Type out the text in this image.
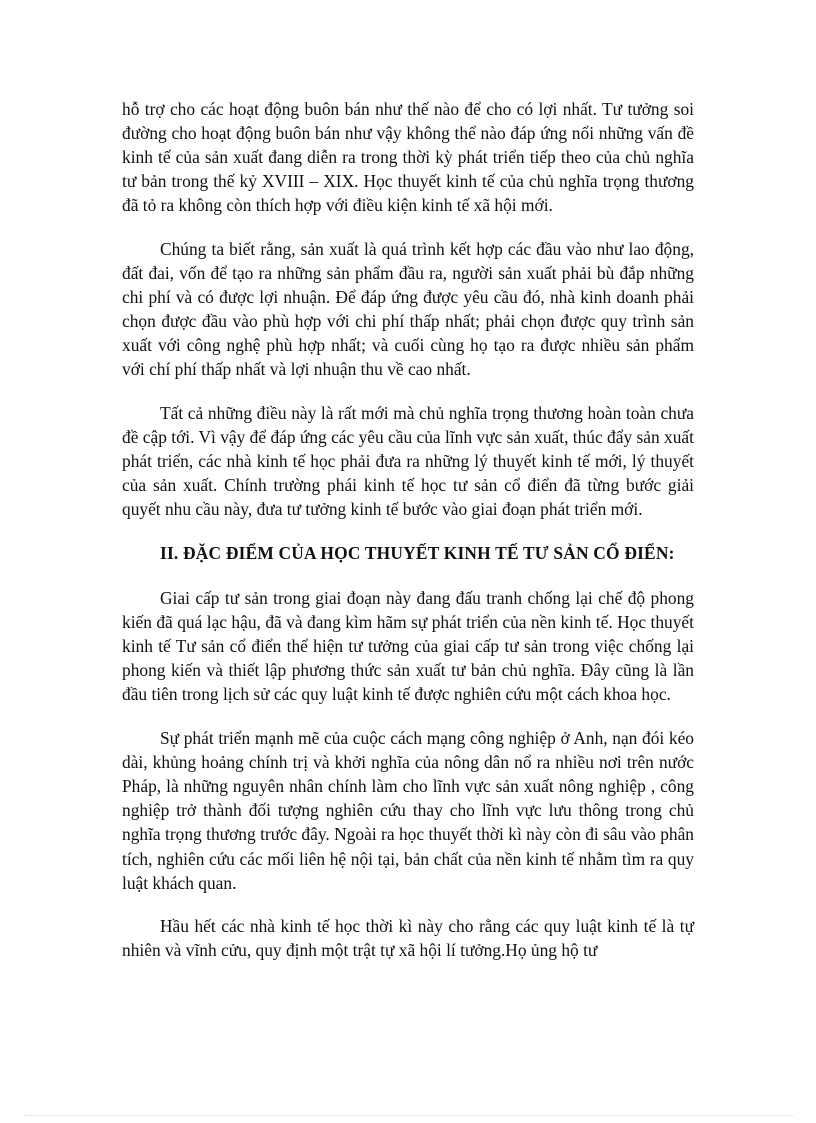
hỗ trợ cho các hoạt động buôn bán như thế nào để cho có lợi nhất. Tư tưởng soi đường cho hoạt động buôn bán như vậy không thể nào đáp ứng nổi những vấn đề kinh tế của sản xuất đang diễn ra trong thời kỳ phát triển tiếp theo của chủ nghĩa tư bản trong thế kỷ XVIII – XIX. Học thuyết kinh tế của chủ nghĩa trọng thương đã tỏ ra không còn thích hợp với điều kiện kinh tế xã hội mới.

Chúng ta biết rằng, sản xuất là quá trình kết hợp các đầu vào như lao động, đất đai, vốn để tạo ra những sản phẩm đầu ra, người sản xuất phải bù đắp những chi phí và có được lợi nhuận. Để đáp ứng được yêu cầu đó, nhà kinh doanh phải chọn được đầu vào phù hợp với chi phí thấp nhất; phải chọn được quy trình sản xuất với công nghệ phù hợp nhất; và cuối cùng họ tạo ra được nhiều sản phẩm với chí phí thấp nhất và lợi nhuận thu về cao nhất.

Tất cả những điều này là rất mới mà chủ nghĩa trọng thương hoàn toàn chưa đề cập tới. Vì vậy để đáp ứng các yêu cầu của lĩnh vực sản xuất, thúc đẩy sản xuất phát triển, các nhà kinh tế học phải đưa ra những lý thuyết kinh tế mới, lý thuyết của sản xuất. Chính trường phái kinh tế học tư sản cổ điển đã từng bước giải quyết nhu cầu này, đưa tư tưởng kinh tế bước vào giai đoạn phát triển mới.

II. ĐẶC ĐIỂM CỦA HỌC THUYẾT KINH TẾ TƯ SẢN CỔ ĐIỂN:

Giai cấp tư sản trong giai đoạn này đang đấu tranh chống lại chế độ phong kiến đã quá lạc hậu, đã và đang kìm hãm sự phát triển của nền kinh tế. Học thuyết kinh tế Tư sản cổ điển thể hiện tư tưởng của giai cấp tư sản trong việc chống lại phong kiến và thiết lập phương thức sản xuất tư bản chủ nghĩa. Đây cũng là lần đầu tiên trong lịch sử các quy luật kinh tế được nghiên cứu một cách khoa học.

Sự phát triển mạnh mẽ của cuộc cách mạng công nghiệp ở Anh, nạn đói kéo dài, khủng hoảng chính trị và khởi nghĩa của nông dân nổ ra nhiều nơi trên nước Pháp, là những nguyên nhân chính làm cho lĩnh vực sản xuất nông nghiệp , công nghiệp trở thành đối tượng nghiên cứu thay cho lĩnh vực lưu thông trong chủ nghĩa trọng thương trước đây. Ngoài ra học thuyết thời kì này còn đi sâu vào phân tích, nghiên cứu các mối liên hệ nội tại, bản chất của nền kinh tế nhằm tìm ra quy luật khách quan.

Hầu hết các nhà kinh tế học thời kì này cho rằng các quy luật kinh tế là tự nhiên và vĩnh cửu, quy định một trật tự xã hội lí tưởng.Họ ủng hộ tư
